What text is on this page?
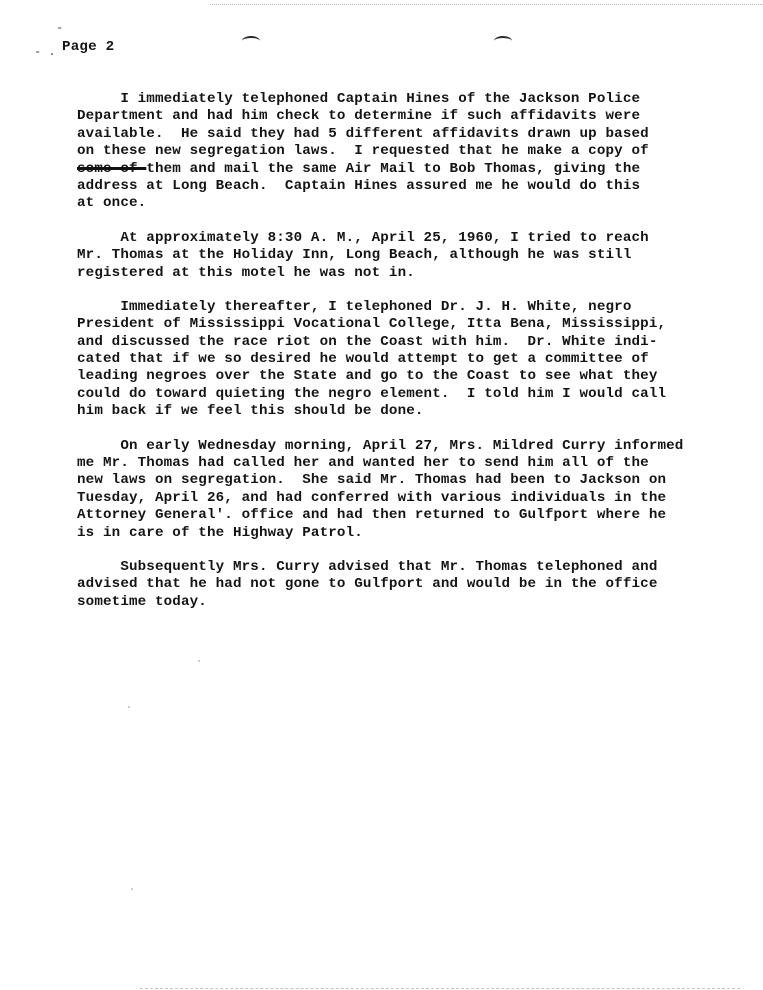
-
- . Page 2
I immediately telephoned Captain Hines of the Jackson Police
Department and had him check to determine if such affidavits were
available.  He said they had 5 different affidavits drawn up based
on these new segregation laws.  I requested that he make a copy of
some of them and mail the same Air Mail to Bob Thomas, giving the
address at Long Beach.  Captain Hines assured me he would do this
at once.
At approximately 8:30 A. M., April 25, 1960, I tried to reach
Mr. Thomas at the Holiday Inn, Long Beach, although he was still
registered at this motel he was not in.
Immediately thereafter, I telephoned Dr. J. H. White, negro
President of Mississippi Vocational College, Itta Bena, Mississippi,
and discussed the race riot on the Coast with him.  Dr. White indi-
cated that if we so desired he would attempt to get a committee of
leading negroes over the State and go to the Coast to see what they
could do toward quieting the negro element.  I told him I would call
him back if we feel this should be done.
On early Wednesday morning, April 27, Mrs. Mildred Curry informed
me Mr. Thomas had called her and wanted her to send him all of the
new laws on segregation.  She said Mr. Thomas had been to Jackson on
Tuesday, April 26, and had conferred with various individuals in the
Attorney General'. office and had then returned to Gulfport where he
is in care of the Highway Patrol.
Subsequently Mrs. Curry advised that Mr. Thomas telephoned and
advised that he had not gone to Gulfport and would be in the office
sometime today.
